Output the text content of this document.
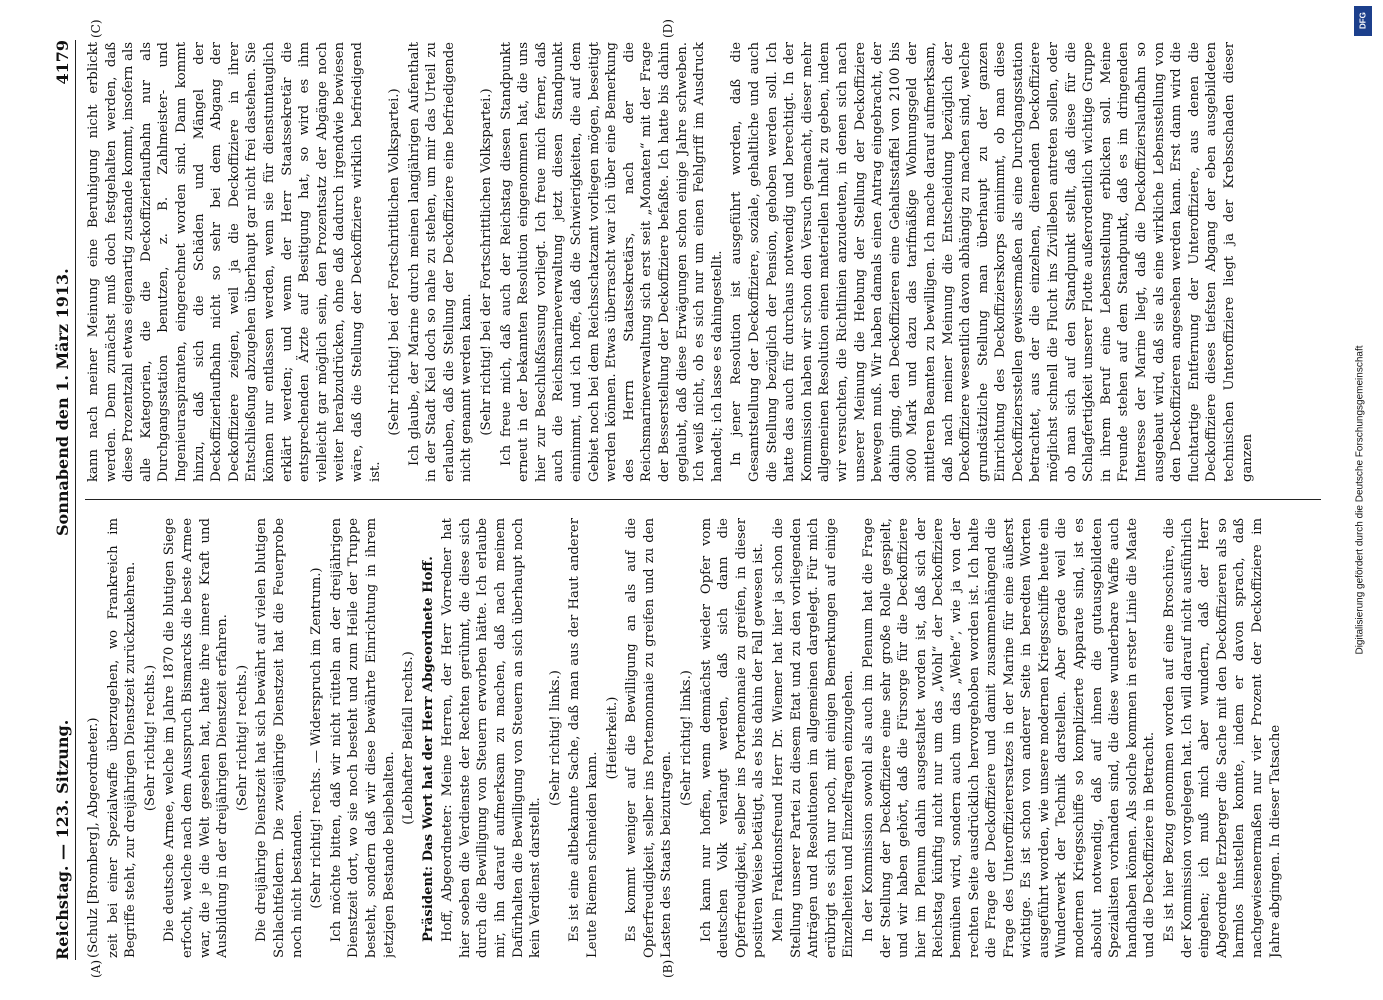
Reichstag. — 123. Sitzung.
Sonnabend den 1. März 1913.
4179
(A)	(B)
(C)	(D)

(Schulz [Bromberg], Abgeordneter.) zeit bei einer Spezialwaffe überzugehen, wo Frankreich im Begriffe steht, zur dreijährigen Dienstzeit zurückzukehren. (Sehr richtig! rechts.) Die deutsche Armee, welche im Jahre 1870 die blutigen Siege erfocht, welche nach dem Ausspruch Bismarcks die beste Armee war, die je die Welt gesehen hat, hatte ihre innere Kraft und Ausbildung in der dreijährigen Dienstzeit erfahren. (Sehr richtig! rechts.) Die dreijährige Dienstzeit hat sich bewährt auf vielen blutigen Schlachtfeldern. Die zweijährige Dienstzeit hat die Feuerprobe noch nicht bestanden. (Sehr richtig! rechts. — Widerspruch im Zentrum.) Ich möchte bitten, daß wir nicht rütteln an der dreijährigen Dienstzeit dort, wo sie noch besteht und zum Heile der Truppe besteht, sondern daß wir diese bewährte Einrichtung in ihrem jetzigen Bestande beibehalten.

(Lebhafter Beifall rechts.) Präsident: Das Wort hat der Herr Abgeordnete Hoff. Hoff, Abgeordneter: Meine Herren, der Herr Vorredner hat hier soeben die Verdienste der Rechten gerühmt, die diese sich durch die Bewilligung von Steuern erworben hätte. Ich erlaube mir, ihn darauf aufmerksam zu machen, daß nach meinem Dafürhalten die Bewilligung von Steuern an sich überhaupt noch kein Verdienst darstellt.

(Sehr richtig! links.) Es ist eine altbekannte Sache, daß man aus der Haut anderer Leute Riemen schneiden kann.

(Heiterkeit.) Es kommt weniger auf die Bewilligung an als auf die Opferfreudigkeit, selber ins Portemonnaie zu greifen und zu den Lasten des Staats beizutragen.

(Sehr richtig! links.) Ich kann nur hoffen, wenn demnächst wieder Opfer vom deutschen Volk verlangt werden, daß sich dann die Opferfreudigkeit, selber ins Portemonnaie zu greifen, in dieser positiven Weise betätigt, als es bis dahin der Fall gewesen ist. Mein Fraktionsfreund Herr Dr. Wiemer hat hier ja schon die Stellung unserer Partei zu diesem Etat und zu den vorliegenden Anträgen und Resolutionen im allgemeinen dargelegt. Für mich erübrigt es sich nur noch, mit einigen Bemerkungen auf einige Einzelheiten und Einzelfragen einzugehen. In der Kommission sowohl als auch im Plenum hat die Frage der Stellung der Deckoffiziere eine sehr große Rolle gespielt, und wir haben gehört, daß die Fürsorge für die Deckoffiziere hier im Plenum dahin ausgestaltet worden ist, daß sich der Reichstag künftig nicht nur um das „Wohl“ der Deckoffiziere bemühen wird, sondern auch um das „Wehe“, wie ja von der rechten Seite ausdrücklich hervorgehoben worden ist. Ich halte die Frage der Deckoffiziere und damit zusammenhängend die Frage des Unteroffizierersatzes in der Marine für eine äußerst wichtige. Es ist schon von anderer Seite in beredten Worten ausgeführt worden, wie unsere modernen Kriegsschiffe heute ein Wunderwerk der Technik darstellen. Aber gerade weil die modernen Kriegsschiffe so komplizierte Apparate sind, ist es absolut notwendig, daß auf ihnen die gutausgebildeten Spezialisten vorhanden sind, die diese wunderbare Waffe auch handhaben können. Als solche kommen in erster Linie die Maate und die Deckoffiziere in Betracht. Es ist hier Bezug genommen worden auf eine Broschüre, die der Kommission vorgelegen hat. Ich will darauf nicht ausführlich eingehen; ich muß mich aber wundern, daß der Herr Abgeordnete Erzberger die Sache mit den Deckoffizieren als so harmlos hinstellen konnte, indem er davon sprach, daß nachgewiesenermaßen nur vier Prozent der Deckoffiziere im Jahre abgingen. In dieser Tatsache

kann nach meiner Meinung eine Beruhigung nicht erblickt werden. Denn zunächst muß doch festgehalten werden, daß diese Prozentzahl etwas eigenartig zustande kommt, insofern als alle Kategorien, die die Deckoffizierlaufbahn nur als Durchgangsstation benutzen, z. B. Zahlmeister- und Ingenieuraspiranten, eingerechnet worden sind. Dann kommt hinzu, daß sich die Schäden und Mängel der Deckoffizierlaufbahn nicht so sehr bei dem Abgang der Deckoffiziere zeigen, weil ja die Deckoffiziere in ihrer Entschließung abzugehen überhaupt gar nicht frei dastehen. Sie können nur entlassen werden, wenn sie für dienstuntauglich erklärt werden; und wenn der Herr Staatssekretär die entsprechenden Ärzte auf Besitigung hat, so wird es ihm vielleicht gar möglich sein, den Prozentsatz der Abgänge noch weiter herabzudrücken, ohne daß dadurch irgendwie bewiesen wäre, daß die Stellung der Deckoffiziere wirklich befriedigend ist.

(Sehr richtig! bei der Fortschrittlichen Volkspartei.) Ich glaube, der Marine durch meinen langjährigen Aufenthalt in der Stadt Kiel doch so nahe zu stehen, um mir das Urteil zu erlauben, daß die Stellung der Deckoffiziere eine befriedigende nicht genannt werden kann. (Sehr richtig! bei der Fortschrittlichen Volkspartei.) Ich freue mich, daß auch der Reichstag diesen Standpunkt erneut in der bekannten Resolution eingenommen hat, die uns hier zur Beschlußfassung vorliegt. Ich freue mich ferner, daß auch die Reichsmarineverwaltung jetzt diesen Standpunkt einnimmt, und ich hoffe, daß die Schwierigkeiten, die auf dem Gebiet noch bei dem Reichsschatzamt vorliegen mögen, beseitigt werden können. Etwas überrascht war ich über eine Bemerkung des Herrn Staatssekretärs, nach der die Reichsmarineverwaltung sich erst seit „Monaten“ mit der Frage der Besserstellung der Deckoffiziere befaßte. Ich hatte bis dahin geglaubt, daß diese Erwägungen schon einige Jahre schweben. Ich weiß nicht, ob es sich nur um einen Fehlgriff im Ausdruck handelt; ich lasse es dahingestellt. In jener Resolution ist ausgeführt worden, daß die Gesamtstellung der Deckoffiziere, soziale, gehaltliche und auch die Stellung bezüglich der Pension, gehoben werden soll. Ich hatte das auch für durchaus notwendig und berechtigt. In der Kommission haben wir schon den Versuch gemacht, dieser mehr allgemeinen Resolution einen materiellen Inhalt zu geben, indem wir versuchten, die Richtlinien anzudeuten, in denen sich nach unserer Meinung die Hebung der Stellung der Deckoffiziere bewegen muß. Wir haben damals einen Antrag eingebracht, der dahin ging, den Deckoffizieren eine Gehaltsstaffel von 2100 bis 3600 Mark und dazu das tarifmäßige Wohnungsgeld der mittleren Beamten zu bewilligen. Ich mache darauf aufmerksam, daß nach meiner Meinung die Entscheidung bezüglich der Deckoffiziere wesentlich davon abhängig zu machen sind, welche grundsätzliche Stellung man überhaupt zu der ganzen Einrichtung des Deckoffizierskorps einnimmt, ob man diese Deckoffiziersstellen gewissermaßen als eine Durchgangsstation betrachtet, aus der die einzelnen, dienenden Deckoffiziere möglichst schnell die Flucht ins Zivilleben antreten sollen, oder ob man sich auf den Standpunkt stellt, daß diese für die Schlagfertigkeit unserer Flotte außerordentlich wichtige Gruppe in ihrem Beruf eine Lebensstellung erblicken soll. Meine Freunde stehen auf dem Standpunkt, daß es im dringenden Interesse der Marine liegt, daß die Deckoffizierslaufbahn so ausgebaut wird, daß sie als eine wirkliche Lebensstellung von den Deckoffizieren angesehen werden kann. Erst dann wird die fluchtartige Entfernung der Unteroffiziere, aus denen die Deckoffiziere dieses tiefsten Abgang der eben ausgebildeten technischen Unteroffiziere liegt ja der Krebsschaden dieser ganzen	Digitalisierung gefördert durch die Deutsche Forschungsgemeinschaft
DFG
